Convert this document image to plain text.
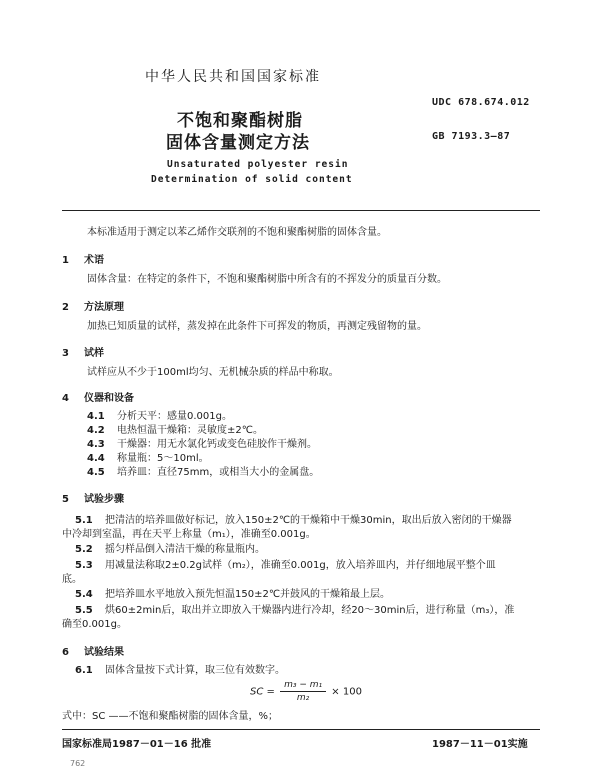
中华人民共和国国家标准
不饱和聚酯树脂
固体含量测定方法
UDC 678.674.012
GB 7193.3—87
Unsaturated polyester resin
Determination of solid content
本标准适用于测定以苯乙烯作交联剂的不饱和聚酯树脂的固体含量。
1 术语
固体含量：在特定的条件下，不饱和聚酯树脂中所含有的不挥发分的质量百分数。
2 方法原理
加热已知质量的试样，蒸发掉在此条件下可挥发的物质，再测定残留物的量。
3 试样
试样应从不少于100ml均匀、无机械杂质的样品中称取。
4 仪器和设备
4.1 分析天平：感量0.001g。
4.2 电热恒温干燥箱：灵敏度±2℃。
4.3 干燥器：用无水氯化钙或变色硅胶作干燥剂。
4.4 称量瓶：5～10ml。
4.5 培养皿：直径75mm，或相当大小的金属盘。
5 试验步骤
5.1 把清洁的培养皿做好标记，放入150±2℃的干燥箱中干燥30min，取出后放入密闭的干燥器
中冷却到室温，再在天平上称量（m₁），准确至0.001g。
5.2 摇匀样品倒入清洁干燥的称量瓶内。
5.3 用减量法称取2±0.2g试样（m₂），准确至0.001g，放入培养皿内，并仔细地展平整个皿
底。
5.4 把培养皿水平地放入预先恒温150±2℃并鼓风的干燥箱最上层。
5.5 烘60±2min后，取出并立即放入干燥器内进行冷却，经20～30min后，进行称量（m₃），准
确至0.001g。
6 试验结果
6.1 固体含量按下式计算，取三位有效数字。
SC = $\frac{\text{m₃ − m₁}}{\text{m₂}} \times 100$
式中：SC ——不饱和聚酯树脂的固体含量，%；
国家标准局1987－01－16 批准	1987－11－01实施
762
